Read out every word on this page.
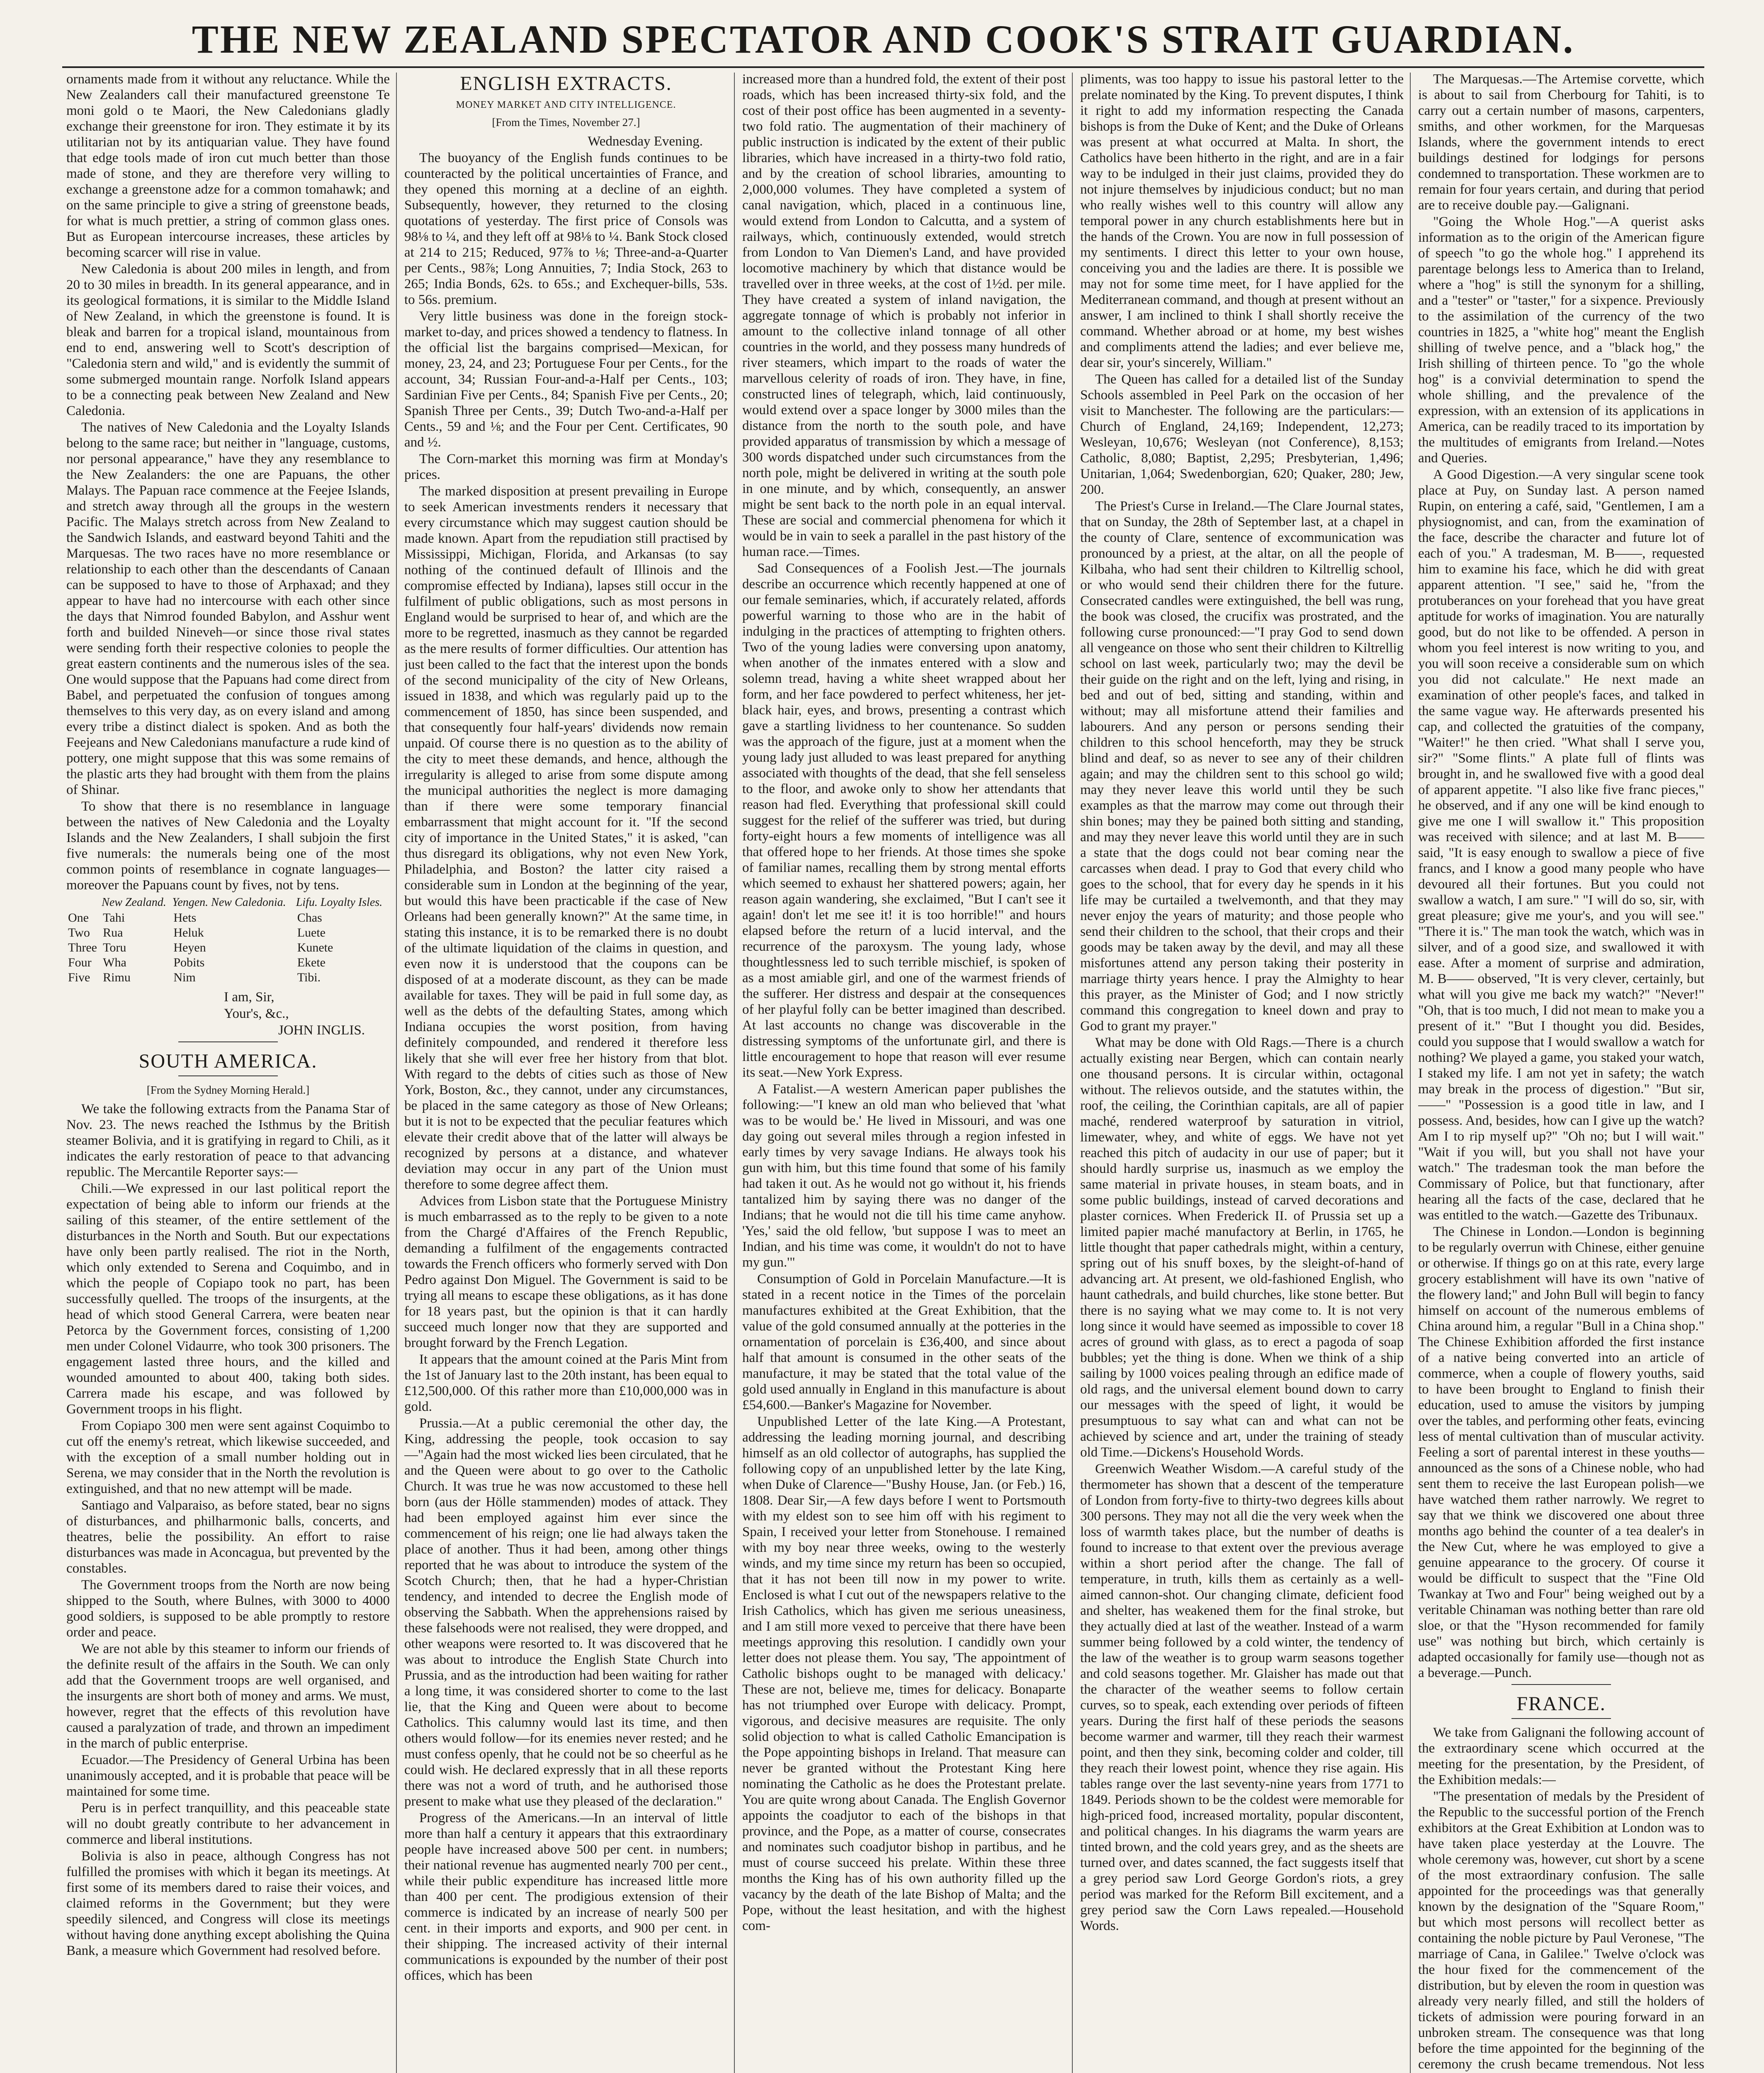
THE NEW ZEALAND SPECTATOR AND COOK'S STRAIT GUARDIAN.

ornaments made from it without any reluctance. While the New Zealanders call their manufactured greenstone Te moni gold o te Maori, the New Caledonians gladly exchange their greenstone for iron. They estimate it by its utilitarian not by its antiquarian value. They have found that edge tools made of iron cut much better than those made of stone, and they are therefore very willing to exchange a greenstone adze for a common tomahawk; and on the same principle to give a string of greenstone beads, for what is much prettier, a string of common glass ones. But as European intercourse increases, these articles by becoming scarcer will rise in value.

New Caledonia is about 200 miles in length, and from 20 to 30 miles in breadth. In its general appearance, and in its geological formations, it is similar to the Middle Island of New Zealand, in which the greenstone is found. It is bleak and barren for a tropical island, mountainous from end to end, answering well to Scott's description of "Caledonia stern and wild," and is evidently the summit of some submerged mountain range. Norfolk Island appears to be a connecting peak between New Zealand and New Caledonia.

The natives of New Caledonia and the Loyalty Islands belong to the same race; but neither in "language, customs, nor personal appearance," have they any resemblance to the New Zealanders: the one are Papuans, the other Malays. The Papuan race commence at the Feejee Islands, and stretch away through all the groups in the western Pacific. The Malays stretch across from New Zealand to the Sandwich Islands, and eastward beyond Tahiti and the Marquesas. The two races have no more resemblance or relationship to each other than the descendants of Canaan can be supposed to have to those of Arphaxad; and they appear to have had no intercourse with each other since the days that Nimrod founded Babylon, and Asshur went forth and builded Nineveh—or since those rival states were sending forth their respective colonies to people the great eastern continents and the numerous isles of the sea. One would suppose that the Papuans had come direct from Babel, and perpetuated the confusion of tongues among themselves to this very day, as on every island and among every tribe a distinct dialect is spoken. And as both the Feejeans and New Caledonians manufacture a rude kind of pottery, one might suppose that this was some remains of the plastic arts they had brought with them from the plains of Shinar.

To show that there is no resemblance in language between the natives of New Caledonia and the Loyalty Islands and the New Zealanders, I shall subjoin the first five numerals: the numerals being one of the most common points of resemblance in cognate languages—moreover the Papuans count by fives, not by tens.

	New Zealand.	Yengen. New Caledonia.	Lifu. Loyalty Isles.
One	Tahi	Hets	Chas
Two	Rua	Heluk	Luete
Three	Toru	Heyen	Kunete
Four	Wha	Pobits	Ekete
Five	Rimu	Nim	Tibi.

I am, Sir,

Your's, &c.,

JOHN INGLIS.

SOUTH AMERICA.
[From the Sydney Morning Herald.]

We take the following extracts from the Panama Star of Nov. 23. The news reached the Isthmus by the British steamer Bolivia, and it is gratifying in regard to Chili, as it indicates the early restoration of peace to that advancing republic. The Mercantile Reporter says:—

Chili.—We expressed in our last political report the expectation of being able to inform our friends at the sailing of this steamer, of the entire settlement of the disturbances in the North and South. But our expectations have only been partly realised. The riot in the North, which only extended to Serena and Coquimbo, and in which the people of Copiapo took no part, has been successfully quelled. The troops of the insurgents, at the head of which stood General Carrera, were beaten near Petorca by the Government forces, consisting of 1,200 men under Colonel Vidaurre, who took 300 prisoners. The engagement lasted three hours, and the killed and wounded amounted to about 400, taking both sides. Carrera made his escape, and was followed by Government troops in his flight.

From Copiapo 300 men were sent against Coquimbo to cut off the enemy's retreat, which likewise succeeded, and with the exception of a small number holding out in Serena, we may consider that in the North the revolution is extinguished, and that no new attempt will be made.

Santiago and Valparaiso, as before stated, bear no signs of disturbances, and philharmonic balls, concerts, and theatres, belie the possibility. An effort to raise disturbances was made in Aconcagua, but prevented by the constables.

The Government troops from the North are now being shipped to the South, where Bulnes, with 3000 to 4000 good soldiers, is supposed to be able promptly to restore order and peace.

We are not able by this steamer to inform our friends of the definite result of the affairs in the South. We can only add that the Government troops are well organised, and the insurgents are short both of money and arms. We must, however, regret that the effects of this revolution have caused a paralyzation of trade, and thrown an impediment in the march of public enterprise.

Ecuador.—The Presidency of General Urbina has been unanimously accepted, and it is probable that peace will be maintained for some time.

Peru is in perfect tranquillity, and this peaceable state will no doubt greatly contribute to her advancement in commerce and liberal institutions.

Bolivia is also in peace, although Congress has not fulfilled the promises with which it began its meetings. At first some of its members dared to raise their voices, and claimed reforms in the Government; but they were speedily silenced, and Congress will close its meetings without having done anything except abolishing the Quina Bank, a measure which Government had resolved before.

ENGLISH EXTRACTS.
MONEY MARKET AND CITY INTELLIGENCE.
[From the Times, November 27.]

Wednesday Evening.

The buoyancy of the English funds continues to be counteracted by the political uncertainties of France, and they opened this morning at a decline of an eighth. Subsequently, however, they returned to the closing quotations of yesterday. The first price of Consols was 98⅛ to ¼, and they left off at 98⅛ to ¼. Bank Stock closed at 214 to 215; Reduced, 97⅞ to ⅛; Three-and-a-Quarter per Cents., 98⅞; Long Annuities, 7; India Stock, 263 to 265; India Bonds, 62s. to 65s.; and Exchequer-bills, 53s. to 56s. premium.

Very little business was done in the foreign stock-market to-day, and prices showed a tendency to flatness. In the official list the bargains comprised—Mexican, for money, 23, 24, and 23; Portuguese Four per Cents., for the account, 34; Russian Four-and-a-Half per Cents., 103; Sardinian Five per Cents., 84; Spanish Five per Cents., 20; Spanish Three per Cents., 39; Dutch Two-and-a-Half per Cents., 59 and ⅛; and the Four per Cent. Certificates, 90 and ½.

The Corn-market this morning was firm at Monday's prices.

The marked disposition at present prevailing in Europe to seek American investments renders it necessary that every circumstance which may suggest caution should be made known. Apart from the repudiation still practised by Mississippi, Michigan, Florida, and Arkansas (to say nothing of the continued default of Illinois and the compromise effected by Indiana), lapses still occur in the fulfilment of public obligations, such as most persons in England would be surprised to hear of, and which are the more to be regretted, inasmuch as they cannot be regarded as the mere results of former difficulties. Our attention has just been called to the fact that the interest upon the bonds of the second municipality of the city of New Orleans, issued in 1838, and which was regularly paid up to the commencement of 1850, has since been suspended, and that consequently four half-years' dividends now remain unpaid. Of course there is no question as to the ability of the city to meet these demands, and hence, although the irregularity is alleged to arise from some dispute among the municipal authorities the neglect is more damaging than if there were some temporary financial embarrassment that might account for it. "If the second city of importance in the United States," it is asked, "can thus disregard its obligations, why not even New York, Philadelphia, and Boston? the latter city raised a considerable sum in London at the beginning of the year, but would this have been practicable if the case of New Orleans had been generally known?" At the same time, in stating this instance, it is to be remarked there is no doubt of the ultimate liquidation of the claims in question, and even now it is understood that the coupons can be disposed of at a moderate discount, as they can be made available for taxes. They will be paid in full some day, as well as the debts of the defaulting States, among which Indiana occupies the worst position, from having definitely compounded, and rendered it therefore less likely that she will ever free her history from that blot. With regard to the debts of cities such as those of New York, Boston, &c., they cannot, under any circumstances, be placed in the same category as those of New Orleans; but it is not to be expected that the peculiar features which elevate their credit above that of the latter will always be recognized by persons at a distance, and whatever deviation may occur in any part of the Union must therefore to some degree affect them.

Advices from Lisbon state that the Portuguese Ministry is much embarrassed as to the reply to be given to a note from the Chargé d'Affaires of the French Republic, demanding a fulfilment of the engagements contracted towards the French officers who formerly served with Don Pedro against Don Miguel. The Government is said to be trying all means to escape these obligations, as it has done for 18 years past, but the opinion is that it can hardly succeed much longer now that they are supported and brought forward by the French Legation.

It appears that the amount coined at the Paris Mint from the 1st of January last to the 20th instant, has been equal to £12,500,000. Of this rather more than £10,000,000 was in gold.

Prussia.—At a public ceremonial the other day, the King, addressing the people, took occasion to say—"Again had the most wicked lies been circulated, that he and the Queen were about to go over to the Catholic Church. It was true he was now accustomed to these hell born (aus der Hölle stammenden) modes of attack. They had been employed against him ever since the commencement of his reign; one lie had always taken the place of another. Thus it had been, among other things reported that he was about to introduce the system of the Scotch Church; then, that he had a hyper-Christian tendency, and intended to decree the English mode of observing the Sabbath. When the apprehensions raised by these falsehoods were not realised, they were dropped, and other weapons were resorted to. It was discovered that he was about to introduce the English State Church into Prussia, and as the introduction had been waiting for rather a long time, it was considered shorter to come to the last lie, that the King and Queen were about to become Catholics. This calumny would last its time, and then others would follow—for its enemies never rested; and he must confess openly, that he could not be so cheerful as he could wish. He declared expressly that in all these reports there was not a word of truth, and he authorised those present to make what use they pleased of the declaration."

Progress of the Americans.—In an interval of little more than half a century it appears that this extraordinary people have increased above 500 per cent. in numbers; their national revenue has augmented nearly 700 per cent., while their public expenditure has increased little more than 400 per cent. The prodigious extension of their commerce is indicated by an increase of nearly 500 per cent. in their imports and exports, and 900 per cent. in their shipping. The increased activity of their internal communications is expounded by the number of their post offices, which has been

increased more than a hundred fold, the extent of their post roads, which has been increased thirty-six fold, and the cost of their post office has been augmented in a seventy-two fold ratio. The augmentation of their machinery of public instruction is indicated by the extent of their public libraries, which have increased in a thirty-two fold ratio, and by the creation of school libraries, amounting to 2,000,000 volumes. They have completed a system of canal navigation, which, placed in a continuous line, would extend from London to Calcutta, and a system of railways, which, continuously extended, would stretch from London to Van Diemen's Land, and have provided locomotive machinery by which that distance would be travelled over in three weeks, at the cost of 1½d. per mile. They have created a system of inland navigation, the aggregate tonnage of which is probably not inferior in amount to the collective inland tonnage of all other countries in the world, and they possess many hundreds of river steamers, which impart to the roads of water the marvellous celerity of roads of iron. They have, in fine, constructed lines of telegraph, which, laid continuously, would extend over a space longer by 3000 miles than the distance from the north to the south pole, and have provided apparatus of transmission by which a message of 300 words dispatched under such circumstances from the north pole, might be delivered in writing at the south pole in one minute, and by which, consequently, an answer might be sent back to the north pole in an equal interval. These are social and commercial phenomena for which it would be in vain to seek a parallel in the past history of the human race.—Times.

Sad Consequences of a Foolish Jest.—The journals describe an occurrence which recently happened at one of our female seminaries, which, if accurately related, affords powerful warning to those who are in the habit of indulging in the practices of attempting to frighten others. Two of the young ladies were conversing upon anatomy, when another of the inmates entered with a slow and solemn tread, having a white sheet wrapped about her form, and her face powdered to perfect whiteness, her jet-black hair, eyes, and brows, presenting a contrast which gave a startling lividness to her countenance. So sudden was the approach of the figure, just at a moment when the young lady just alluded to was least prepared for anything associated with thoughts of the dead, that she fell senseless to the floor, and awoke only to show her attendants that reason had fled. Everything that professional skill could suggest for the relief of the sufferer was tried, but during forty-eight hours a few moments of intelligence was all that offered hope to her friends. At those times she spoke of familiar names, recalling them by strong mental efforts which seemed to exhaust her shattered powers; again, her reason again wandering, she exclaimed, "But I can't see it again! don't let me see it! it is too horrible!" and hours elapsed before the return of a lucid interval, and the recurrence of the paroxysm. The young lady, whose thoughtlessness led to such terrible mischief, is spoken of as a most amiable girl, and one of the warmest friends of the sufferer. Her distress and despair at the consequences of her playful folly can be better imagined than described. At last accounts no change was discoverable in the distressing symptoms of the unfortunate girl, and there is little encouragement to hope that reason will ever resume its seat.—New York Express.

A Fatalist.—A western American paper publishes the following:—"I knew an old man who believed that 'what was to be would be.' He lived in Missouri, and was one day going out several miles through a region infested in early times by very savage Indians. He always took his gun with him, but this time found that some of his family had taken it out. As he would not go without it, his friends tantalized him by saying there was no danger of the Indians; that he would not die till his time came anyhow. 'Yes,' said the old fellow, 'but suppose I was to meet an Indian, and his time was come, it wouldn't do not to have my gun.'"

Consumption of Gold in Porcelain Manufacture.—It is stated in a recent notice in the Times of the porcelain manufactures exhibited at the Great Exhibition, that the value of the gold consumed annually at the potteries in the ornamentation of porcelain is £36,400, and since about half that amount is consumed in the other seats of the manufacture, it may be stated that the total value of the gold used annually in England in this manufacture is about £54,600.—Banker's Magazine for November.

Unpublished Letter of the late King.—A Protestant, addressing the leading morning journal, and describing himself as an old collector of autographs, has supplied the following copy of an unpublished letter by the late King, when Duke of Clarence—"Bushy House, Jan. (or Feb.) 16, 1808. Dear Sir,—A few days before I went to Portsmouth with my eldest son to see him off with his regiment to Spain, I received your letter from Stonehouse. I remained with my boy near three weeks, owing to the westerly winds, and my time since my return has been so occupied, that it has not been till now in my power to write. Enclosed is what I cut out of the newspapers relative to the Irish Catholics, which has given me serious uneasiness, and I am still more vexed to perceive that there have been meetings approving this resolution. I candidly own your letter does not please them. You say, 'The appointment of Catholic bishops ought to be managed with delicacy.' These are not, believe me, times for delicacy. Bonaparte has not triumphed over Europe with delicacy. Prompt, vigorous, and decisive measures are requisite. The only solid objection to what is called Catholic Emancipation is the Pope appointing bishops in Ireland. That measure can never be granted without the Protestant King here nominating the Catholic as he does the Protestant prelate. You are quite wrong about Canada. The English Governor appoints the coadjutor to each of the bishops in that province, and the Pope, as a matter of course, consecrates and nominates such coadjutor bishop in partibus, and he must of course succeed his prelate. Within these three months the King has of his own authority filled up the vacancy by the death of the late Bishop of Malta; and the Pope, without the least hesitation, and with the highest com-

pliments, was too happy to issue his pastoral letter to the prelate nominated by the King. To prevent disputes, I think it right to add my information respecting the Canada bishops is from the Duke of Kent; and the Duke of Orleans was present at what occurred at Malta. In short, the Catholics have been hitherto in the right, and are in a fair way to be indulged in their just claims, provided they do not injure themselves by injudicious conduct; but no man who really wishes well to this country will allow any temporal power in any church establishments here but in the hands of the Crown. You are now in full possession of my sentiments. I direct this letter to your own house, conceiving you and the ladies are there. It is possible we may not for some time meet, for I have applied for the Mediterranean command, and though at present without an answer, I am inclined to think I shall shortly receive the command. Whether abroad or at home, my best wishes and compliments attend the ladies; and ever believe me, dear sir, your's sincerely, William."

The Queen has called for a detailed list of the Sunday Schools assembled in Peel Park on the occasion of her visit to Manchester. The following are the particulars:—Church of England, 24,169; Independent, 12,273; Wesleyan, 10,676; Wesleyan (not Conference), 8,153; Catholic, 8,080; Baptist, 2,295; Presbyterian, 1,496; Unitarian, 1,064; Swedenborgian, 620; Quaker, 280; Jew, 200.

The Priest's Curse in Ireland.—The Clare Journal states, that on Sunday, the 28th of September last, at a chapel in the county of Clare, sentence of excommunication was pronounced by a priest, at the altar, on all the people of Kilbaha, who had sent their children to Kiltrellig school, or who would send their children there for the future. Consecrated candles were extinguished, the bell was rung, the book was closed, the crucifix was prostrated, and the following curse pronounced:—"I pray God to send down all vengeance on those who sent their children to Kiltrellig school on last week, particularly two; may the devil be their guide on the right and on the left, lying and rising, in bed and out of bed, sitting and standing, within and without; may all misfortune attend their families and labourers. And any person or persons sending their children to this school henceforth, may they be struck blind and deaf, so as never to see any of their children again; and may the children sent to this school go wild; may they never leave this world until they be such examples as that the marrow may come out through their shin bones; may they be pained both sitting and standing, and may they never leave this world until they are in such a state that the dogs could not bear coming near the carcasses when dead. I pray to God that every child who goes to the school, that for every day he spends in it his life may be curtailed a twelvemonth, and that they may never enjoy the years of maturity; and those people who send their children to the school, that their crops and their goods may be taken away by the devil, and may all these misfortunes attend any person taking their posterity in marriage thirty years hence. I pray the Almighty to hear this prayer, as the Minister of God; and I now strictly command this congregation to kneel down and pray to God to grant my prayer."

What may be done with Old Rags.—There is a church actually existing near Bergen, which can contain nearly one thousand persons. It is circular within, octagonal without. The relievos outside, and the statutes within, the roof, the ceiling, the Corinthian capitals, are all of papier maché, rendered waterproof by saturation in vitriol, limewater, whey, and white of eggs. We have not yet reached this pitch of audacity in our use of paper; but it should hardly surprise us, inasmuch as we employ the same material in private houses, in steam boats, and in some public buildings, instead of carved decorations and plaster cornices. When Frederick II. of Prussia set up a limited papier maché manufactory at Berlin, in 1765, he little thought that paper cathedrals might, within a century, spring out of his snuff boxes, by the sleight-of-hand of advancing art. At present, we old-fashioned English, who haunt cathedrals, and build churches, like stone better. But there is no saying what we may come to. It is not very long since it would have seemed as impossible to cover 18 acres of ground with glass, as to erect a pagoda of soap bubbles; yet the thing is done. When we think of a ship sailing by 1000 voices pealing through an edifice made of old rags, and the universal element bound down to carry our messages with the speed of light, it would be presumptuous to say what can and what can not be achieved by science and art, under the training of steady old Time.—Dickens's Household Words.

Greenwich Weather Wisdom.—A careful study of the thermometer has shown that a descent of the temperature of London from forty-five to thirty-two degrees kills about 300 persons. They may not all die the very week when the loss of warmth takes place, but the number of deaths is found to increase to that extent over the previous average within a short period after the change. The fall of temperature, in truth, kills them as certainly as a well-aimed cannon-shot. Our changing climate, deficient food and shelter, has weakened them for the final stroke, but they actually died at last of the weather. Instead of a warm summer being followed by a cold winter, the tendency of the law of the weather is to group warm seasons together and cold seasons together. Mr. Glaisher has made out that the character of the weather seems to follow certain curves, so to speak, each extending over periods of fifteen years. During the first half of these periods the seasons become warmer and warmer, till they reach their warmest point, and then they sink, becoming colder and colder, till they reach their lowest point, whence they rise again. His tables range over the last seventy-nine years from 1771 to 1849. Periods shown to be the coldest were memorable for high-priced food, increased mortality, popular discontent, and political changes. In his diagrams the warm years are tinted brown, and the cold years grey, and as the sheets are turned over, and dates scanned, the fact suggests itself that a grey period saw Lord George Gordon's riots, a grey period was marked for the Reform Bill excitement, and a grey period saw the Corn Laws repealed.—Household Words.

The Marquesas.—The Artemise corvette, which is about to sail from Cherbourg for Tahiti, is to carry out a certain number of masons, carpenters, smiths, and other workmen, for the Marquesas Islands, where the government intends to erect buildings destined for lodgings for persons condemned to transportation. These workmen are to remain for four years certain, and during that period are to receive double pay.—Galignani.

"Going the Whole Hog."—A querist asks information as to the origin of the American figure of speech "to go the whole hog." I apprehend its parentage belongs less to America than to Ireland, where a "hog" is still the synonym for a shilling, and a "tester" or "taster," for a sixpence. Previously to the assimilation of the currency of the two countries in 1825, a "white hog" meant the English shilling of twelve pence, and a "black hog," the Irish shilling of thirteen pence. To "go the whole hog" is a convivial determination to spend the whole shilling, and the prevalence of the expression, with an extension of its applications in America, can be readily traced to its importation by the multitudes of emigrants from Ireland.—Notes and Queries.

A Good Digestion.—A very singular scene took place at Puy, on Sunday last. A person named Rupin, on entering a café, said, "Gentlemen, I am a physiognomist, and can, from the examination of the face, describe the character and future lot of each of you." A tradesman, M. B——, requested him to examine his face, which he did with great apparent attention. "I see," said he, "from the protuberances on your forehead that you have great aptitude for works of imagination. You are naturally good, but do not like to be offended. A person in whom you feel interest is now writing to you, and you will soon receive a considerable sum on which you did not calculate." He next made an examination of other people's faces, and talked in the same vague way. He afterwards presented his cap, and collected the gratuities of the company, "Waiter!" he then cried. "What shall I serve you, sir?" "Some flints." A plate full of flints was brought in, and he swallowed five with a good deal of apparent appetite. "I also like five franc pieces," he observed, and if any one will be kind enough to give me one I will swallow it." This proposition was received with silence; and at last M. B—— said, "It is easy enough to swallow a piece of five francs, and I know a good many people who have devoured all their fortunes. But you could not swallow a watch, I am sure." "I will do so, sir, with great pleasure; give me your's, and you will see." "There it is." The man took the watch, which was in silver, and of a good size, and swallowed it with ease. After a moment of surprise and admiration, M. B—— observed, "It is very clever, certainly, but what will you give me back my watch?" "Never!" "Oh, that is too much, I did not mean to make you a present of it." "But I thought you did. Besides, could you suppose that I would swallow a watch for nothing? We played a game, you staked your watch, I staked my life. I am not yet in safety; the watch may break in the process of digestion." "But sir,——" "Possession is a good title in law, and I possess. And, besides, how can I give up the watch? Am I to rip myself up?" "Oh no; but I will wait." "Wait if you will, but you shall not have your watch." The tradesman took the man before the Commissary of Police, but that functionary, after hearing all the facts of the case, declared that he was entitled to the watch.—Gazette des Tribunaux.

The Chinese in London.—London is beginning to be regularly overrun with Chinese, either genuine or otherwise. If things go on at this rate, every large grocery establishment will have its own "native of the flowery land;" and John Bull will begin to fancy himself on account of the numerous emblems of China around him, a regular "Bull in a China shop." The Chinese Exhibition afforded the first instance of a native being converted into an article of commerce, when a couple of flowery youths, said to have been brought to England to finish their education, used to amuse the visitors by jumping over the tables, and performing other feats, evincing less of mental cultivation than of muscular activity. Feeling a sort of parental interest in these youths—announced as the sons of a Chinese noble, who had sent them to receive the last European polish—we have watched them rather narrowly. We regret to say that we think we discovered one about three months ago behind the counter of a tea dealer's in the New Cut, where he was employed to give a genuine appearance to the grocery. Of course it would be difficult to suspect that the "Fine Old Twankay at Two and Four" being weighed out by a veritable Chinaman was nothing better than rare old sloe, or that the "Hyson recommended for family use" was nothing but birch, which certainly is adapted occasionally for family use—though not as a beverage.—Punch.

FRANCE.

We take from Galignani the following account of the extraordinary scene which occurred at the meeting for the presentation, by the President, of the Exhibition medals:—

"The presentation of medals by the President of the Republic to the successful portion of the French exhibitors at the Great Exhibition at London was to have taken place yesterday at the Louvre. The whole ceremony was, however, cut short by a scene of the most extraordinary confusion. The salle appointed for the proceedings was that generally known by the designation of the "Square Room," but which most persons will recollect better as containing the noble picture by Paul Veronese, "The marriage of Cana, in Galilee." Twelve o'clock was the hour fixed for the commencement of the distribution, but by eleven the room in question was already very nearly filled, and still the holders of tickets of admission were pouring forward in an unbroken stream. The consequence was that long before the time appointed for the beginning of the ceremony the crush became tremendous. Not less
